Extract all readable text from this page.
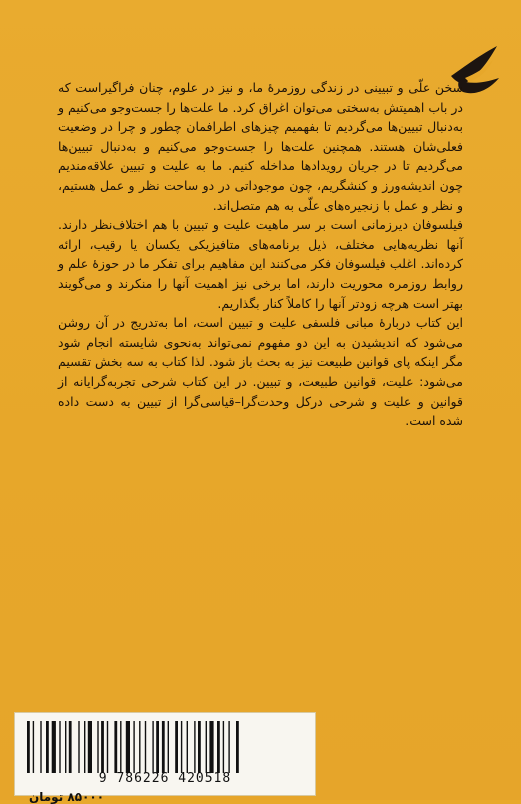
سخن علّی و تبیینی در زندگی روزمرهٔ ما، و نیز در علوم، چنان فراگیراست که در باب اهمیتش به‌سختی می‌توان اغراق کرد. ما علت‌ها را جست‌وجو می‌کنیم و به‌دنبال تبیین‌ها می‌گردیم تا بفهمیم چیزهای اطرافمان چطور و چرا در وضعیت فعلی‌شان هستند. همچنین علت‌ها را جست‌وجو می‌کنیم و به‌دنبال تبیین‌ها می‌گردیم تا در جریان رویدادها مداخله کنیم. ما به علیت و تبیین علاقه‌مندیم چون اندیشه‌ورز و کنشگریم، چون موجوداتی در دو ساحت نظر و عمل هستیم، و نظر و عمل با زنجیره‌های علّی به هم متصل‌اند.

فیلسوفان دیرزمانی است بر سر ماهیت علیت و تبیین با هم اختلاف‌نظر دارند. آنها نظریه‌هایی مختلف، ذیل برنامه‌های متافیزیکی یکسان یا رقیب، ارائه کرده‌اند. اغلب فیلسوفان فکر می‌کنند این مفاهیم برای تفکر ما در حوزهٔ علم و روابط روزمره محوریت دارند، اما برخی نیز اهمیت آنها را منکرند و می‌گویند بهتر است هرچه زودتر آنها را کاملاً کنار بگذاریم.

این کتاب دربارهٔ مبانی فلسفی علیت و تبیین است، اما به‌تدریج در آن روشن می‌شود که اندیشیدن به این دو مفهوم نمی‌تواند به‌نحوی شایسته انجام شود مگر اینکه پای قوانین طبیعت نیز به بحث باز شود. لذا کتاب به سه بخش تقسیم می‌شود: علیت، قوانین طبیعت، و تبیین. در این کتاب شرحی تجربه‌گرایانه از قوانین و علیت و شرحی درکل وحدت‌گرا–قیاسی‌گرا از تبیین به دست داده شده است.

9 786226 420518
۸۵۰۰۰ تومان
